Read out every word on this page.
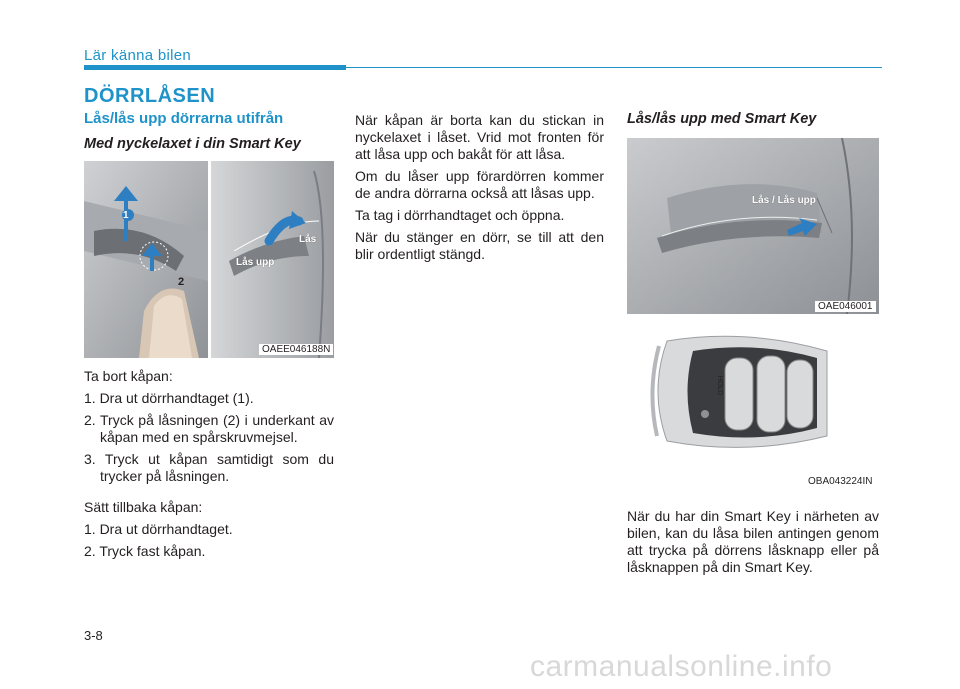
Lär känna bilen
DÖRRLÅSEN
Lås/lås upp dörrarna utifrån
Med nyckelaxet i din Smart Key
1
2
Lås
Lås upp
OAEE046188N

Ta bort kåpan:

1. Dra ut dörrhandtaget (1).
2. Tryck på låsningen (2) i underkant av kåpan med en spårskruvmejsel.
3. Tryck ut kåpan samtidigt som du trycker på låsningen.

Sätt tillbaka kåpan:

1. Dra ut dörrhandtaget.
2. Tryck fast kåpan.

När kåpan är borta kan du stickan in nyckelaxet i låset. Vrid mot fronten för att låsa upp och bakåt för att låsa.

Om du låser upp förardörren kommer de andra dörrarna också att låsas upp.

Ta tag i dörrhandtaget och öppna.

När du stänger en dörr, se till att den blir ordentligt stängd.

Lås/lås upp med Smart Key
Lås / Lås upp
OAE046001
HOLD
OBA043224IN

När du har din Smart Key i närheten av bilen, kan du låsa bilen antingen genom att trycka på dörrens låsknapp eller på låsknappen på din Smart Key.

3-8
carmanualsonline.info
